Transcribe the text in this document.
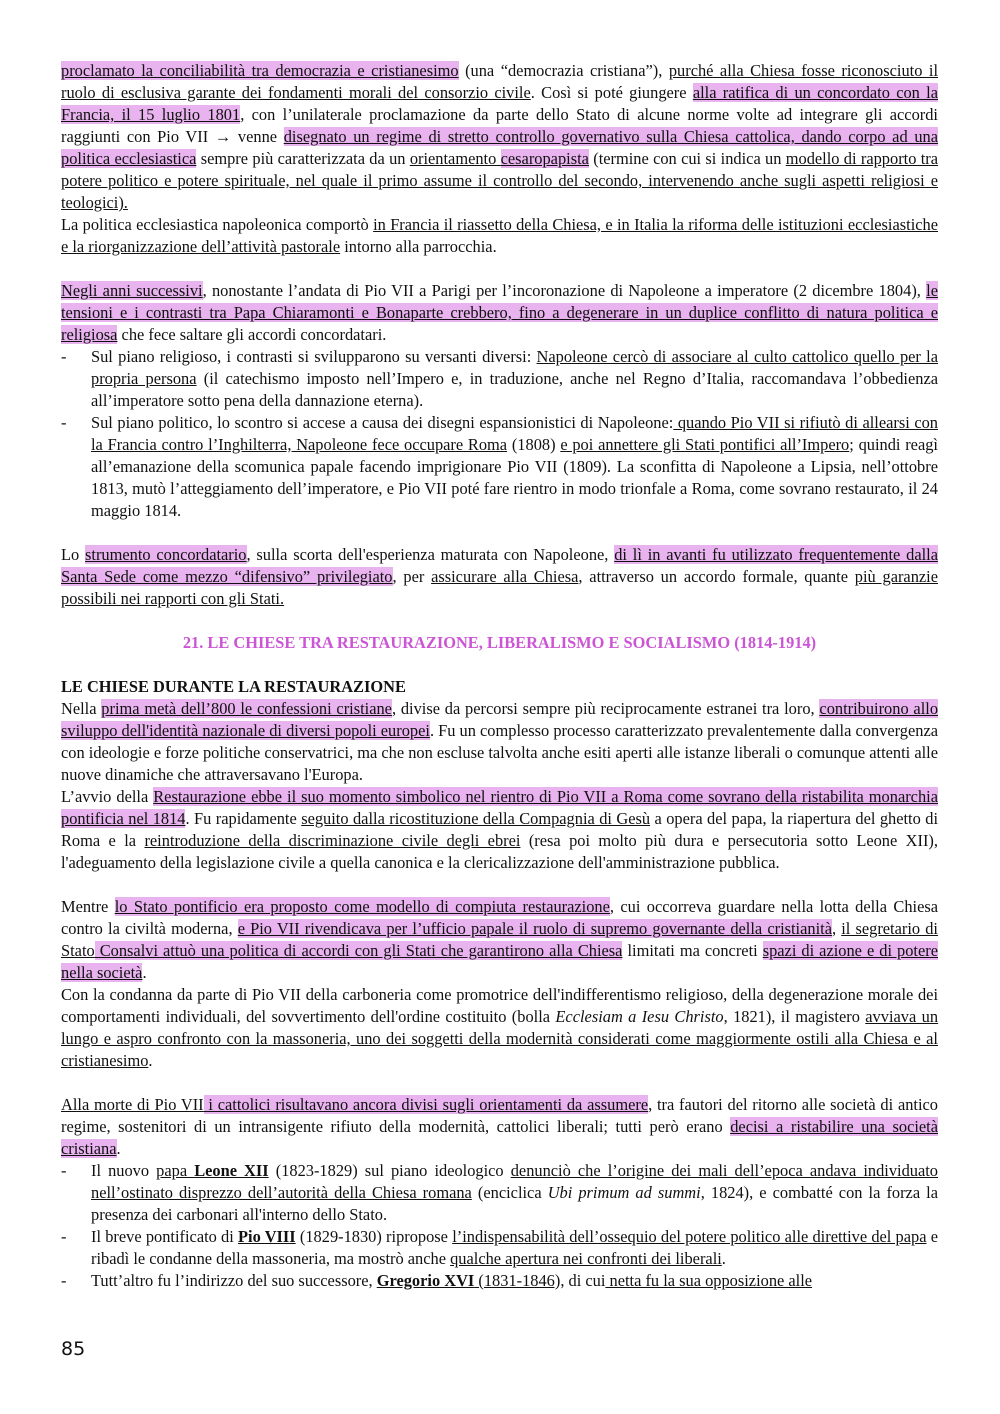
proclamato la conciliabilità tra democrazia e cristianesimo (una “democrazia cristiana”), purché alla Chiesa fosse riconosciuto il ruolo di esclusiva garante dei fondamenti morali del consorzio civile. Così si poté giungere alla ratifica di un concordato con la Francia, il 15 luglio 1801, con l’unilaterale proclamazione da parte dello Stato di alcune norme volte ad integrare gli accordi raggiunti con Pio VII → venne disegnato un regime di stretto controllo governativo sulla Chiesa cattolica, dando corpo ad una politica ecclesiastica sempre più caratterizzata da un orientamento cesaropapista (termine con cui si indica un modello di rapporto tra potere politico e potere spirituale, nel quale il primo assume il controllo del secondo, intervenendo anche sugli aspetti religiosi e teologici).

La politica ecclesiastica napoleonica comportò in Francia il riassetto della Chiesa, e in Italia la riforma delle istituzioni ecclesiastiche e la riorganizzazione dell’attività pastorale intorno alla parrocchia.

Negli anni successivi, nonostante l’andata di Pio VII a Parigi per l’incoronazione di Napoleone a imperatore (2 dicembre 1804), le tensioni e i contrasti tra Papa Chiaramonti e Bonaparte crebbero, fino a degenerare in un duplice conflitto di natura politica e religiosa che fece saltare gli accordi concordatari.

- Sul piano religioso, i contrasti si svilupparono su versanti diversi: Napoleone cercò di associare al culto cattolico quello per la propria persona (il catechismo imposto nell’Impero e, in traduzione, anche nel Regno d’Italia, raccomandava l’obbedienza all’imperatore sotto pena della dannazione eterna).
- Sul piano politico, lo scontro si accese a causa dei disegni espansionistici di Napoleone: quando Pio VII si rifiutò di allearsi con la Francia contro l’Inghilterra, Napoleone fece occupare Roma (1808) e poi annettere gli Stati pontifici all’Impero; quindi reagì all’emanazione della scomunica papale facendo imprigionare Pio VII (1809). La sconfitta di Napoleone a Lipsia, nell’ottobre 1813, mutò l’atteggiamento dell’imperatore, e Pio VII poté fare rientro in modo trionfale a Roma, come sovrano restaurato, il 24 maggio 1814.

Lo strumento concordatario, sulla scorta dell'esperienza maturata con Napoleone, di lì in avanti fu utilizzato frequentemente dalla Santa Sede come mezzo “difensivo” privilegiato, per assicurare alla Chiesa, attraverso un accordo formale, quante più garanzie possibili nei rapporti con gli Stati.

21. LE CHIESE TRA RESTAURAZIONE, LIBERALISMO E SOCIALISMO (1814-1914)

LE CHIESE DURANTE LA RESTAURAZIONE

Nella prima metà dell’800 le confessioni cristiane, divise da percorsi sempre più reciprocamente estranei tra loro, contribuirono allo sviluppo dell'identità nazionale di diversi popoli europei. Fu un complesso processo caratterizzato prevalentemente dalla convergenza con ideologie e forze politiche conservatrici, ma che non escluse talvolta anche esiti aperti alle istanze liberali o comunque attenti alle nuove dinamiche che attraversavano l'Europa.

L’avvio della Restaurazione ebbe il suo momento simbolico nel rientro di Pio VII a Roma come sovrano della ristabilita monarchia pontificia nel 1814. Fu rapidamente seguito dalla ricostituzione della Compagnia di Gesù a opera del papa, la riapertura del ghetto di Roma e la reintroduzione della discriminazione civile degli ebrei (resa poi molto più dura e persecutoria sotto Leone XII), l'adeguamento della legislazione civile a quella canonica e la clericalizzazione dell'amministrazione pubblica.

Mentre lo Stato pontificio era proposto come modello di compiuta restaurazione, cui occorreva guardare nella lotta della Chiesa contro la civiltà moderna, e Pio VII rivendicava per l’ufficio papale il ruolo di supremo governante della cristianità, il segretario di Stato Consalvi attuò una politica di accordi con gli Stati che garantirono alla Chiesa limitati ma concreti spazi di azione e di potere nella società.

Con la condanna da parte di Pio VII della carboneria come promotrice dell'indifferentismo religioso, della degenerazione morale dei comportamenti individuali, del sovvertimento dell'ordine costituito (bolla Ecclesiam a Iesu Christo, 1821), il magistero avviava un lungo e aspro confronto con la massoneria, uno dei soggetti della modernità considerati come maggiormente ostili alla Chiesa e al cristianesimo.

Alla morte di Pio VII i cattolici risultavano ancora divisi sugli orientamenti da assumere, tra fautori del ritorno alle società di antico regime, sostenitori di un intransigente rifiuto della modernità, cattolici liberali; tutti però erano decisi a ristabilire una società cristiana.

- Il nuovo papa Leone XII (1823-1829) sul piano ideologico denunciò che l’origine dei mali dell’epoca andava individuato nell’ostinato disprezzo dell’autorità della Chiesa romana (enciclica Ubi primum ad summi, 1824), e combatté con la forza la presenza dei carbonari all'interno dello Stato.
- Il breve pontificato di Pio VIII (1829-1830) ripropose l’indispensabilità dell’ossequio del potere politico alle direttive del papa e ribadì le condanne della massoneria, ma mostrò anche qualche apertura nei confronti dei liberali.
- Tutt’altro fu l’indirizzo del suo successore, Gregorio XVI (1831-1846), di cui netta fu la sua opposizione alle
85
